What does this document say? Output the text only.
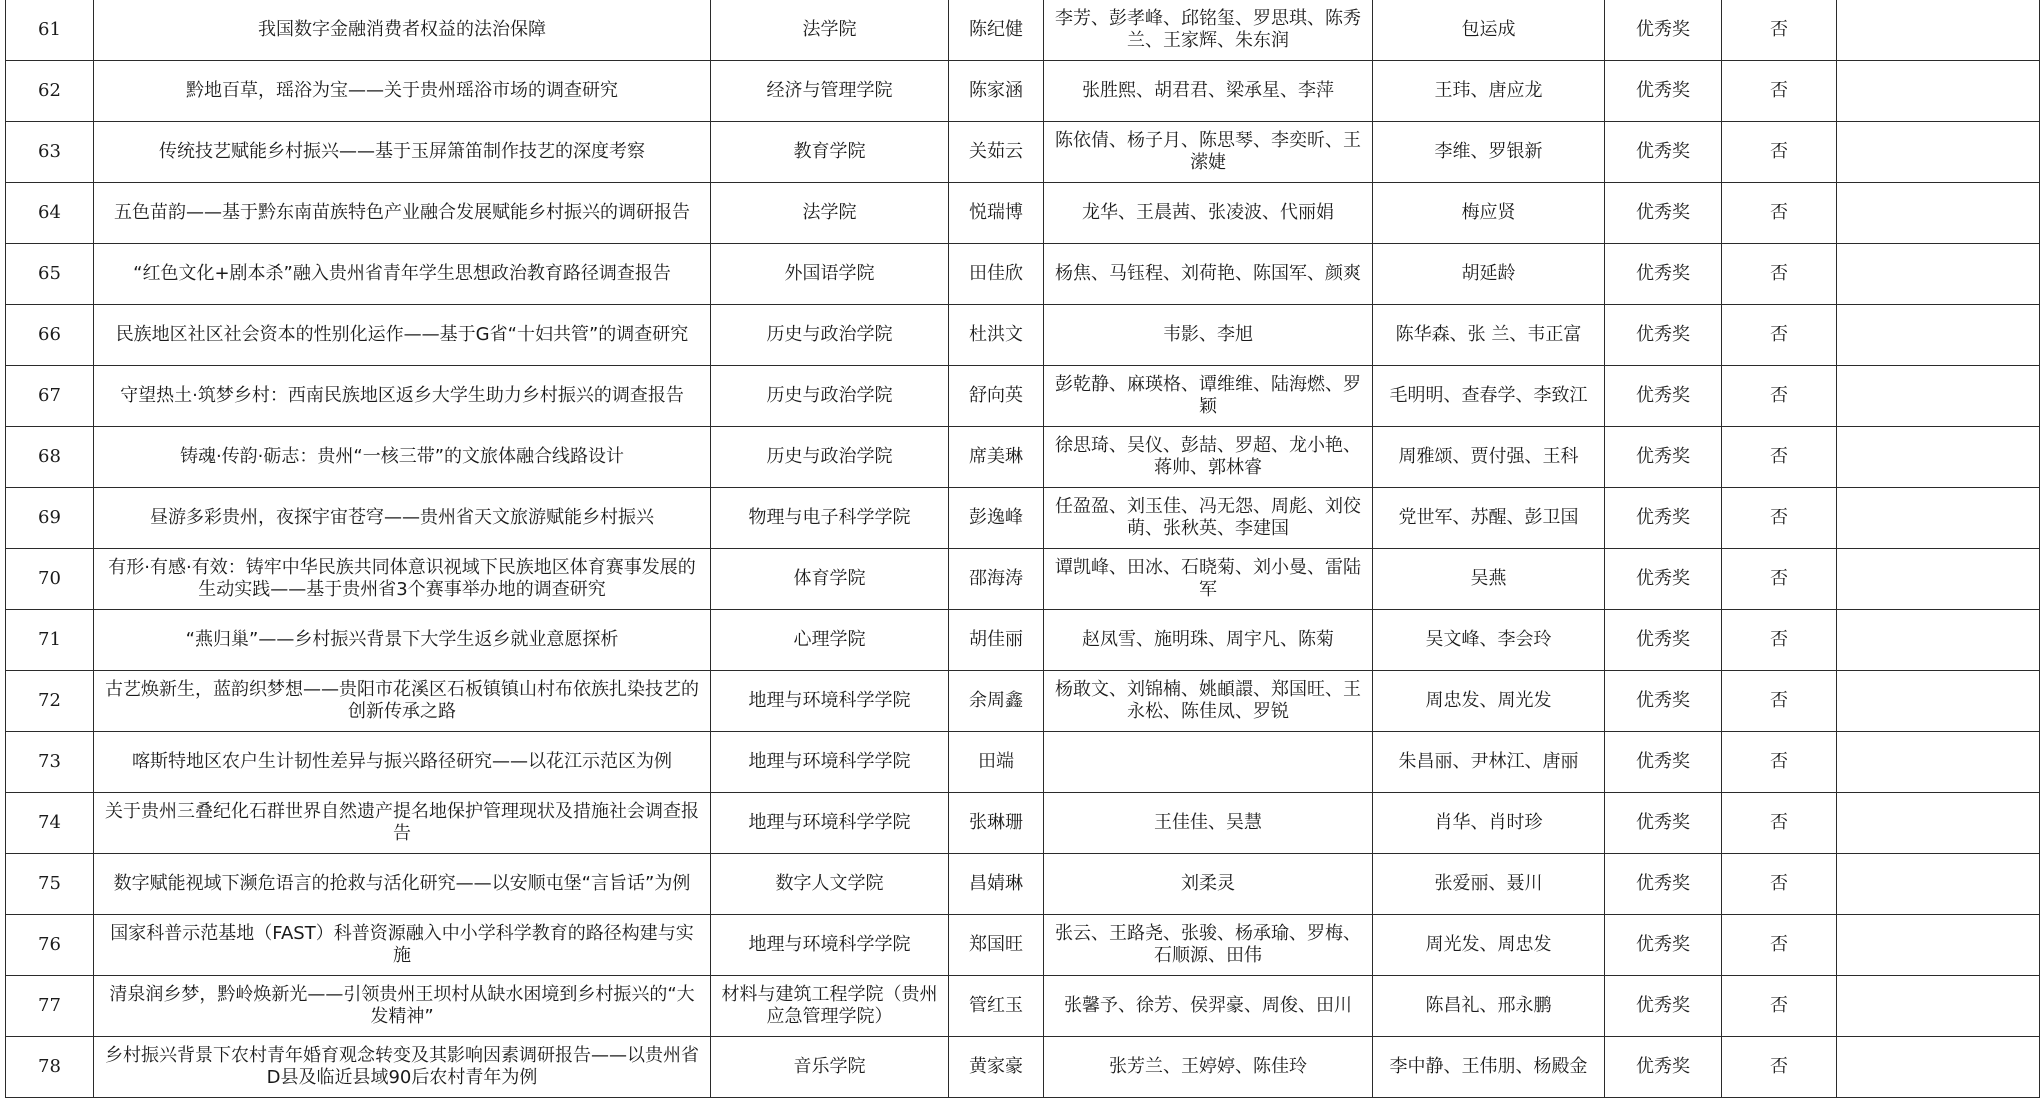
61	我国数字金融消费者权益的法治保障	法学院	陈纪健	李芳、彭孝峰、邱铭玺、罗思琪、陈秀兰、王家辉、朱东润	包运成	优秀奖	否	
62	黔地百草，瑶浴为宝——关于贵州瑶浴市场的调查研究	经济与管理学院	陈家涵	张胜熙、胡君君、梁承星、李萍	王玮、唐应龙	优秀奖	否	
63	传统技艺赋能乡村振兴——基于玉屏箫笛制作技艺的深度考察	教育学院	关茹云	陈依倩、杨子月、陈思琴、李奕昕、王潆婕	李维、罗银新	优秀奖	否	
64	五色苗韵——基于黔东南苗族特色产业融合发展赋能乡村振兴的调研报告	法学院	悦瑞博	龙华、王晨茜、张凌波、代丽娟	梅应贤	优秀奖	否	
65	“红色文化+剧本杀”融入贵州省青年学生思想政治教育路径调查报告	外国语学院	田佳欣	杨焦、马钰程、刘荷艳、陈国军、颜爽	胡延龄	优秀奖	否	
66	民族地区社区社会资本的性别化运作——基于G省“十妇共管”的调查研究	历史与政治学院	杜洪文	韦影、李旭	陈华森、张 兰、韦正富	优秀奖	否	
67	守望热土·筑梦乡村：西南民族地区返乡大学生助力乡村振兴的调查报告	历史与政治学院	舒向英	彭乾静、麻瑛格、谭维维、陆海燃、罗颖	毛明明、查春学、李致江	优秀奖	否	
68	铸魂·传韵·砺志：贵州“一核三带”的文旅体融合线路设计	历史与政治学院	席美琳	徐思琦、吴仪、彭喆、罗超、龙小艳、蒋帅、郭林睿	周雅颂、贾付强、王科	优秀奖	否	
69	昼游多彩贵州，夜探宇宙苍穹——贵州省天文旅游赋能乡村振兴	物理与电子科学学院	彭逸峰	任盈盈、刘玉佳、冯无怨、周彪、刘佼萌、张秋英、李建国	党世军、苏醒、彭卫国	优秀奖	否	
70	有形·有感·有效：铸牢中华民族共同体意识视域下民族地区体育赛事发展的生动实践——基于贵州省3个赛事举办地的调查研究	体育学院	邵海涛	谭凯峰、田冰、石晓菊、刘小曼、雷陆军	吴燕	优秀奖	否	
71	“燕归巢”——乡村振兴背景下大学生返乡就业意愿探析	心理学院	胡佳丽	赵凤雪、施明珠、周宇凡、陈菊	吴文峰、李会玲	优秀奖	否	
72	古艺焕新生，蓝韵织梦想——贵阳市花溪区石板镇镇山村布依族扎染技艺的创新传承之路	地理与环境科学学院	余周鑫	杨敢文、刘锦楠、姚頔譞、郑国旺、王永松、陈佳凤、罗锐	周忠发、周光发	优秀奖	否	
73	喀斯特地区农户生计韧性差异与振兴路径研究——以花江示范区为例	地理与环境科学学院	田端		朱昌丽、尹林江、唐丽	优秀奖	否	
74	关于贵州三叠纪化石群世界自然遗产提名地保护管理现状及措施社会调查报告	地理与环境科学学院	张琳珊	王佳佳、吴慧	肖华、肖时珍	优秀奖	否	
75	数字赋能视域下濒危语言的抢救与活化研究——以安顺屯堡“言旨话”为例	数字人文学院	昌婧琳	刘柔灵	张爱丽、聂川	优秀奖	否	
76	国家科普示范基地（FAST）科普资源融入中小学科学教育的路径构建与实施	地理与环境科学学院	郑国旺	张云、王路尧、张骏、杨承瑜、罗梅、石顺源、田伟	周光发、周忠发	优秀奖	否	
77	清泉润乡梦，黔岭焕新光——引领贵州王坝村从缺水困境到乡村振兴的“大发精神”	材料与建筑工程学院（贵州应急管理学院）	管红玉	张馨予、徐芳、侯羿豪、周俊、田川	陈昌礼、邢永鹏	优秀奖	否	
78	乡村振兴背景下农村青年婚育观念转变及其影响因素调研报告——以贵州省D县及临近县域90后农村青年为例	音乐学院	黄家豪	张芳兰、王婷婷、陈佳玲	李中静、王伟朋、杨殿金	优秀奖	否	
